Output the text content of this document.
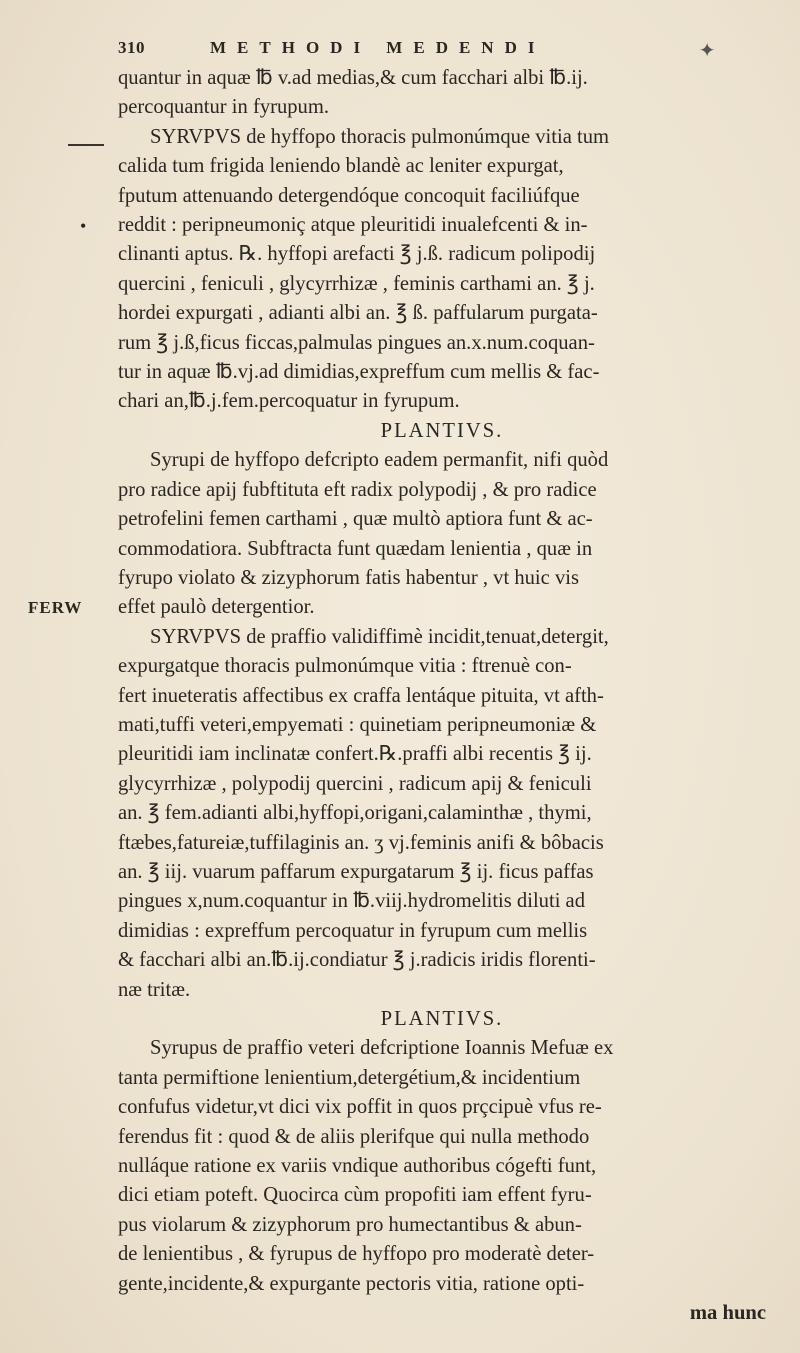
310	METHODI MEDENDI	✦
•
FERW
quantur in aquæ ℔ v.ad medias,& cum facchari albi ℔.ij.
percoquantur in fyrupum.
SYRVPVS de hyffopo thoracis pulmonúmque vitia tum
calida tum frigida leniendo blandè ac leniter expurgat,
fputum attenuando detergendóque concoquit faciliúfque
reddit : peripneumoniç atque pleuritidi inualefcenti & in-
clinanti aptus. ℞. hyffopi arefacti ℥ j.ß. radicum polipodij
quercini , feniculi , glycyrrhizæ , feminis carthami an. ℥ j.
hordei expurgati , adianti albi an. ℥ ß. paffularum purgata-
rum ℥ j.ß,ficus ficcas,palmulas pingues an.x.num.coquan-
tur in aquæ ℔.vj.ad dimidias,expreffum cum mellis & fac-
chari an,℔.j.fem.percoquatur in fyrupum.
PLANTIVS.
Syrupi de hyffopo defcripto eadem permanfit, nifi quòd
pro radice apij fubftituta eft radix polypodij , & pro radice
petrofelini femen carthami , quæ multò aptiora funt & ac-
commodatiora. Subftracta funt quædam lenientia , quæ in
fyrupo violato & zizyphorum fatis habentur , vt huic vis
effet paulò detergentior.
SYRVPVS de praffio validiffimè incidit,tenuat,detergit,
expurgatque thoracis pulmonúmque vitia : ftrenuè con-
fert inueteratis affectibus ex craffa lentáque pituita, vt afth-
mati,tuffi veteri,empyemati : quinetiam peripneumoniæ &
pleuritidi iam inclinatæ confert.℞.praffi albi recentis ℥ ij.
glycyrrhizæ , polypodij quercini , radicum apij & feniculi
an. ℥ fem.adianti albi,hyffopi,origani,calaminthæ , thymi,
ftæbes,fatureiæ,tuffilaginis an. ʒ vj.feminis anifi & bôbacis
an. ℥ iij. vuarum paffarum expurgatarum ℥ ij. ficus paffas
pingues x,num.coquantur in ℔.viij.hydromelitis diluti ad
dimidias : expreffum percoquatur in fyrupum cum mellis
& facchari albi an.℔.ij.condiatur ℥ j.radicis iridis florenti-
næ tritæ.
PLANTIVS.
Syrupus de praffio veteri defcriptione Ioannis Mefuæ ex
tanta permiftione lenientium,detergétium,& incidentium
confufus videtur,vt dici vix poffit in quos prçcipuè vfus re-
ferendus fit : quod & de aliis plerifque qui nulla methodo
nulláque ratione ex variis vndique authoribus cógefti funt,
dici etiam poteft. Quocirca cùm propofiti iam effent fyru-
pus violarum & zizyphorum pro humectantibus & abun-
de lenientibus , & fyrupus de hyffopo pro moderatè deter-
gente,incidente,& expurgante pectoris vitia, ratione opti-
ma hunc
